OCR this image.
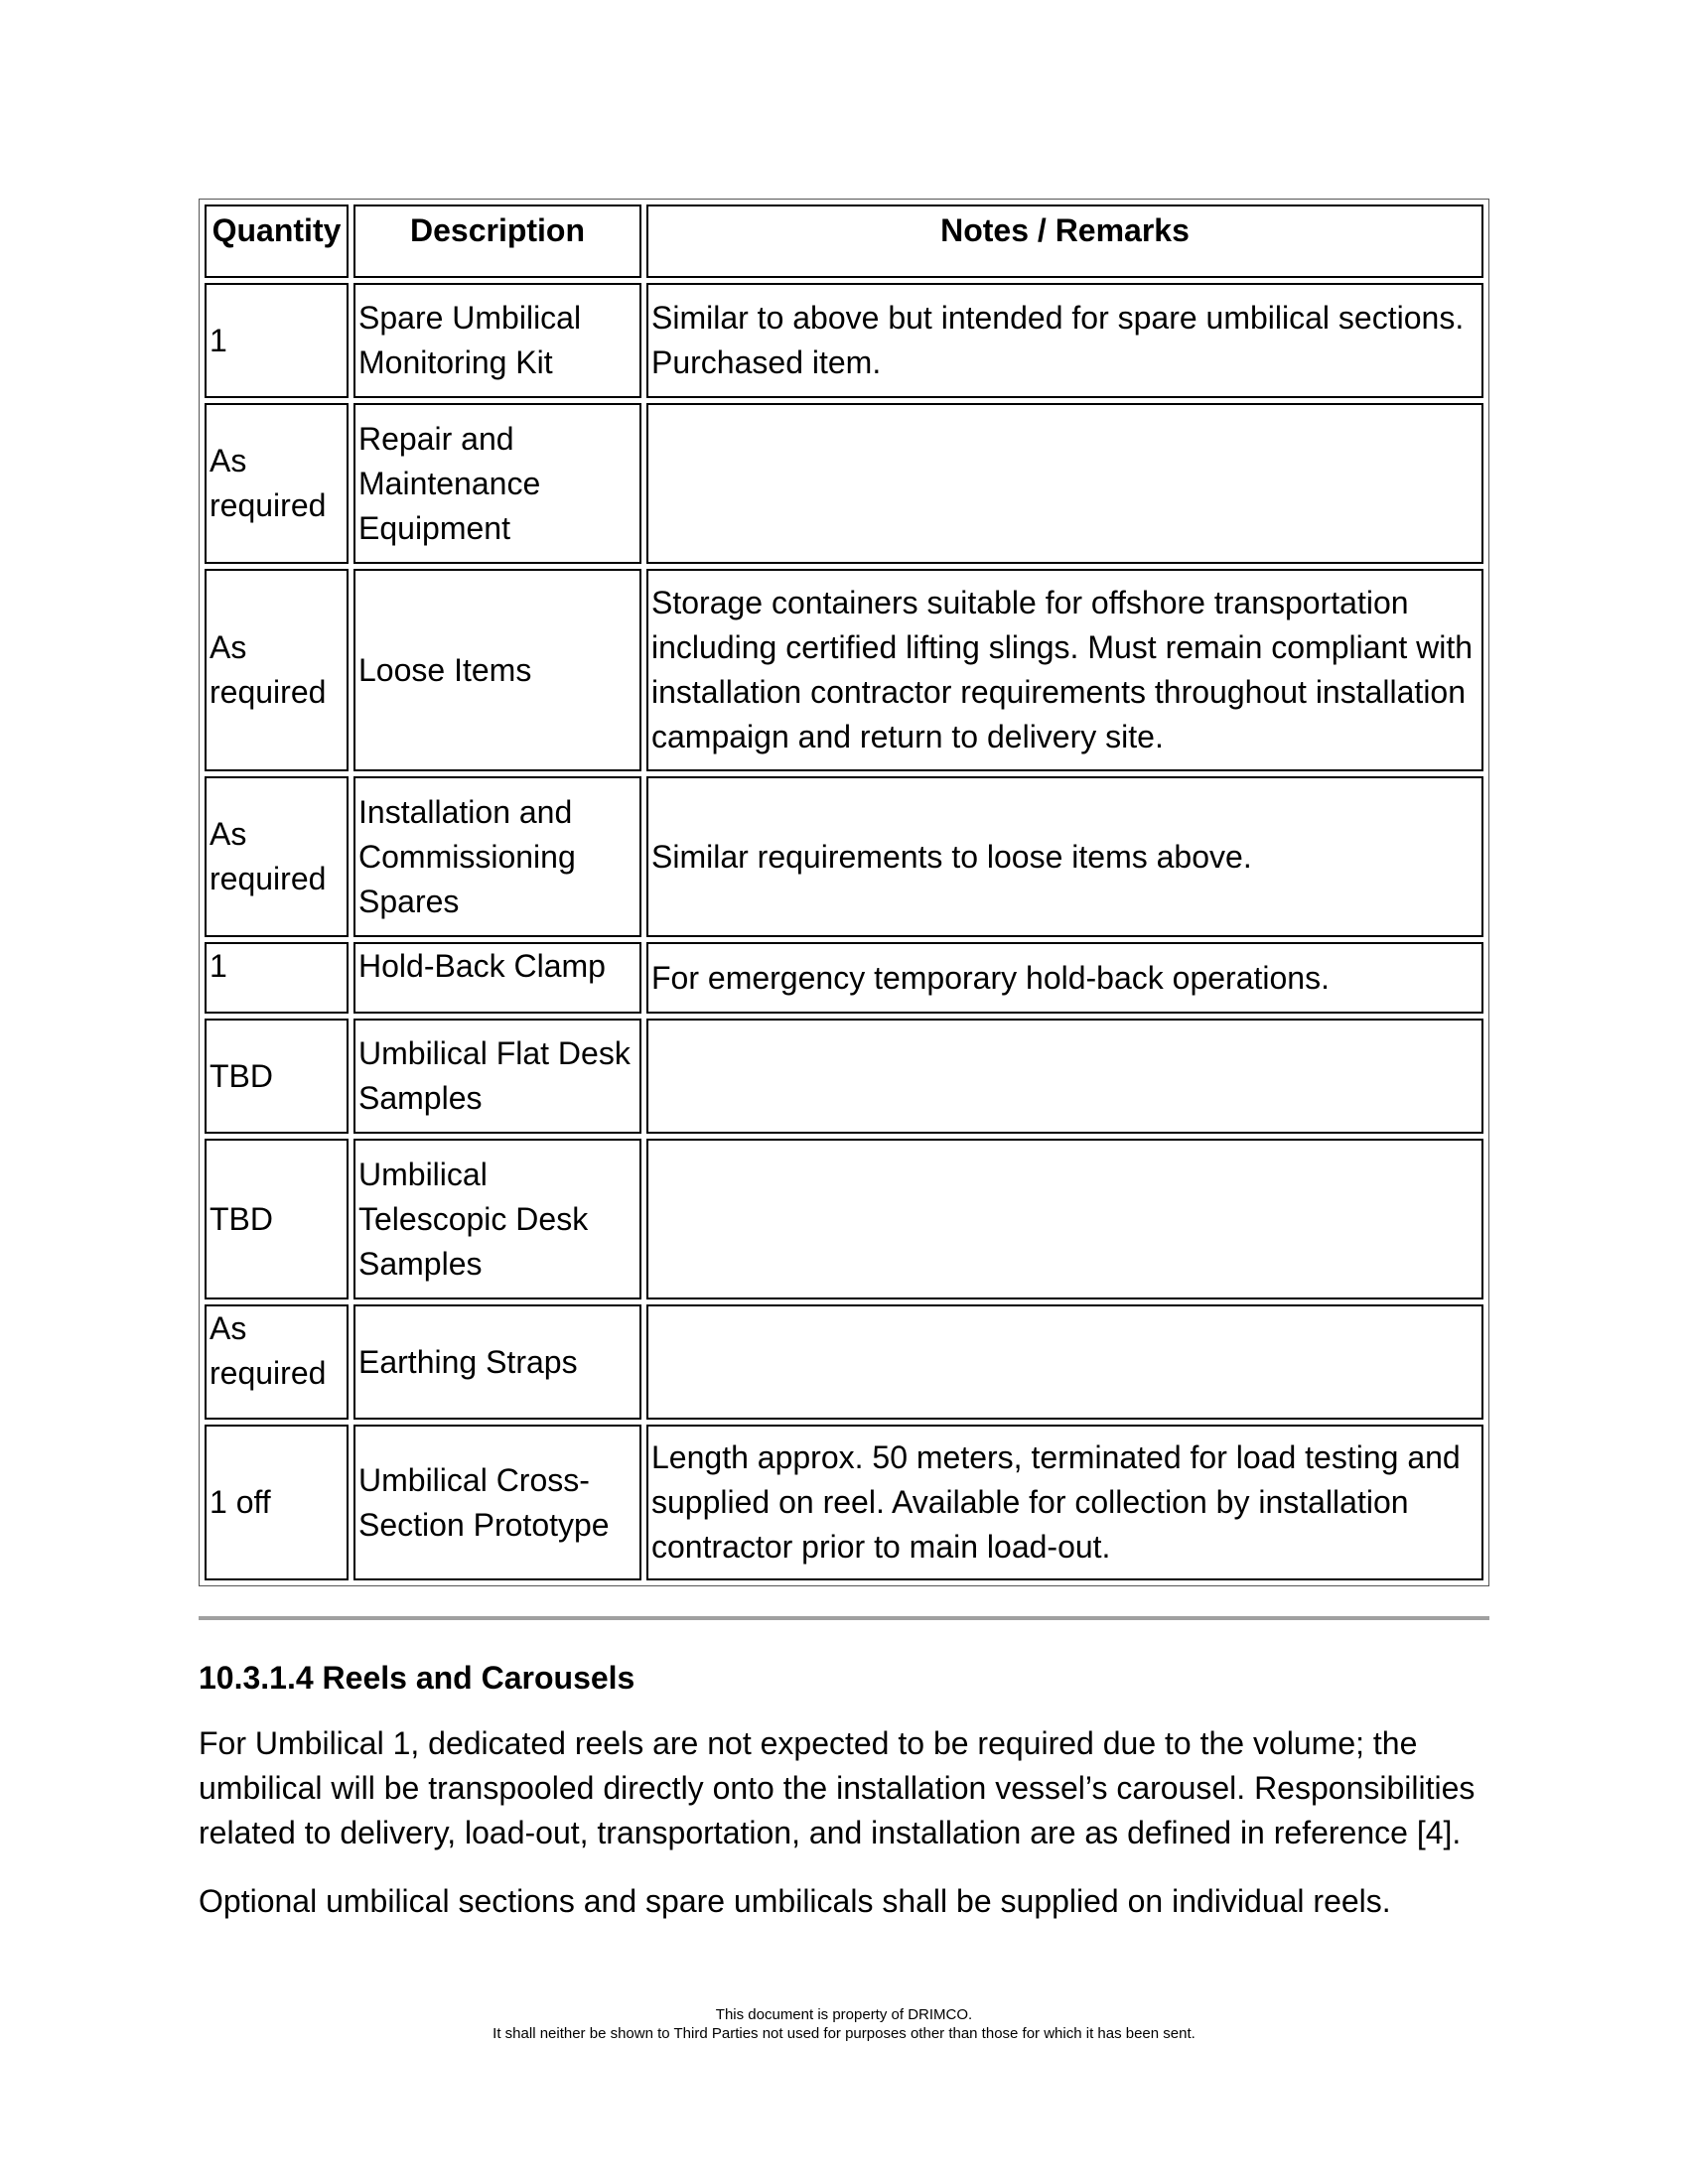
Quantity	Description	Notes / Remarks
1	Spare Umbilical Monitoring Kit	Similar to above but intended for spare umbilical sections. Purchased item.
As required	Repair and Maintenance Equipment	
As required	Loose Items	Storage containers suitable for offshore transportation including certified lifting slings. Must remain compliant with installation contractor requirements throughout installation campaign and return to delivery site.
As required	Installation and Commissioning Spares	Similar requirements to loose items above.
1	Hold-Back Clamp	For emergency temporary hold-back operations.
TBD	Umbilical Flat Desk Samples	
TBD	Umbilical Telescopic Desk Samples	
As required	Earthing Straps	
1 off	Umbilical Cross-Section Prototype	Length approx. 50 meters, terminated for load testing and supplied on reel. Available for collection by installation contractor prior to main load-out.
10.3.1.4 Reels and Carousels

For Umbilical 1, dedicated reels are not expected to be required due to the volume; the umbilical will be transpooled directly onto the installation vessel’s carousel. Responsibilities related to delivery, load-out, transportation, and installation are as defined in reference [4].

Optional umbilical sections and spare umbilicals shall be supplied on individual reels.

This document is property of DRIMCO.
It shall neither be shown to Third Parties not used for purposes other than those for which it has been sent.
